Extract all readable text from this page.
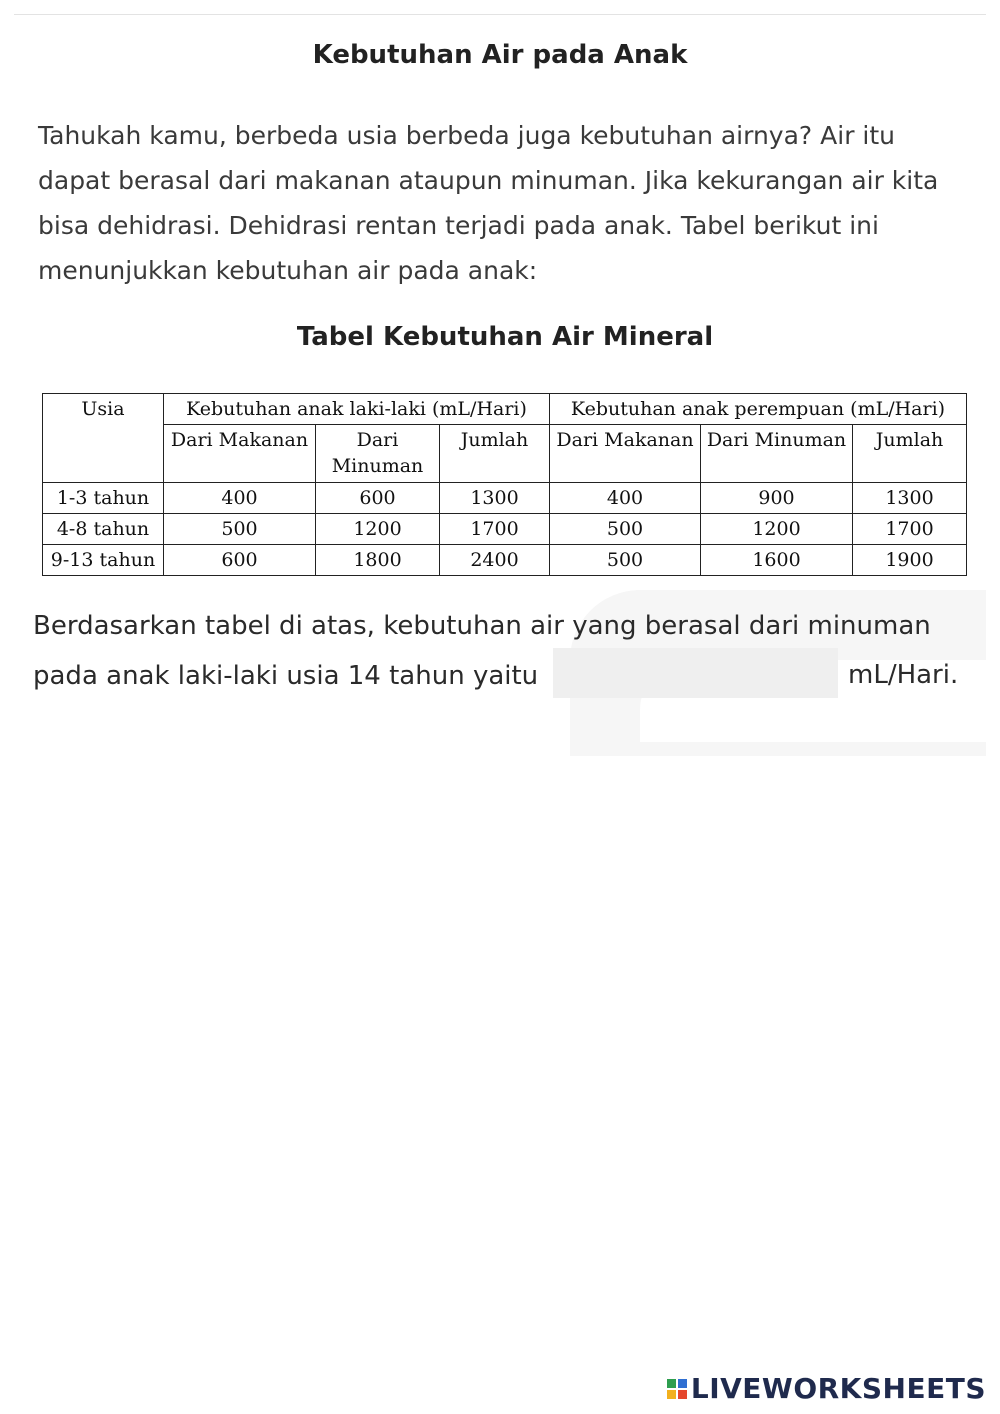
Kebutuhan Air pada Anak
Tahukah kamu, berbeda usia berbeda juga kebutuhan airnya? Air itu dapat berasal dari makanan ataupun minuman. Jika kekurangan air kita bisa dehidrasi. Dehidrasi rentan terjadi pada anak. Tabel berikut ini menunjukkan kebutuhan air pada anak:
Tabel Kebutuhan Air Mineral
Usia	Kebutuhan anak laki-laki (mL/Hari)			Kebutuhan anak perempuan (mL/Hari)		
	Dari Makanan	Dari Minuman	Jumlah	Dari Makanan	Dari Minuman	Jumlah
1-3 tahun	400	600	1300	400	900	1300
4-8 tahun	500	1200	1700	500	1200	1700
9-13 tahun	600	1800	2400	500	1600	1900
Berdasarkan tabel di atas, kebutuhan air yang berasal dari minuman
pada anak laki-laki usia 14 tahun yaitu	mL/Hari.
LIVEWORKSHEETS
